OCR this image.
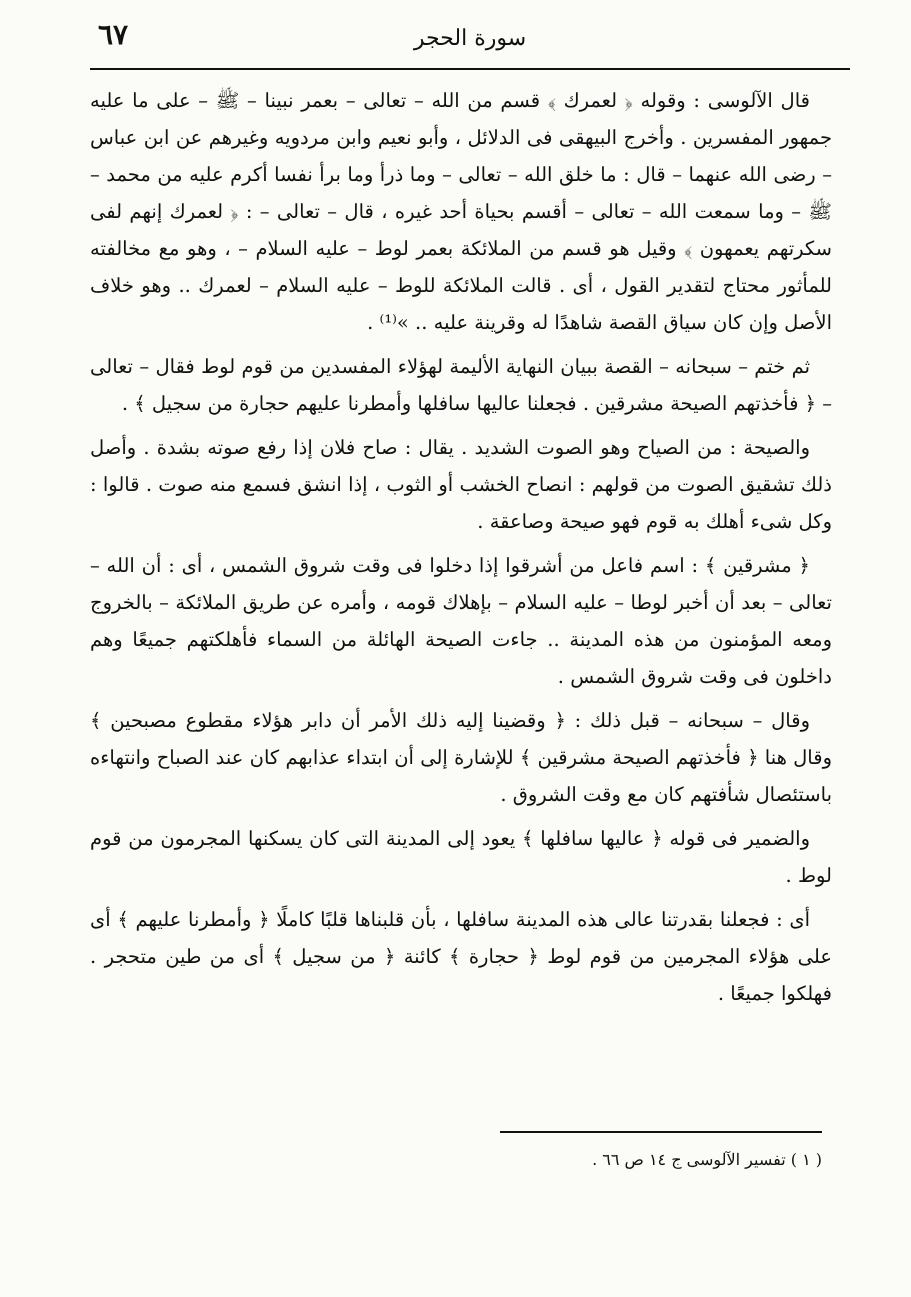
٦٧	سورة الحجر

قال الآلوسى : وقوله ﴿ لعمرك ﴾ قسم من الله – تعالى – بعمر نبينا – ﷺ – على ما عليه جمهور المفسرين . وأخرج البيهقى فى الدلائل ، وأبو نعيم وابن مردويه وغيرهم عن ابن عباس – رضى الله عنهما – قال : ما خلق الله – تعالى – وما ذرأ وما برأ نفسا أكرم عليه من محمد – ﷺ – وما سمعت الله – تعالى – أقسم بحياة أحد غيره ، قال – تعالى – : ﴿ لعمرك إنهم لفى سكرتهم يعمهون ﴾ وقيل هو قسم من الملائكة بعمر لوط – عليه السلام – ، وهو مع مخالفته للمأثور محتاج لتقدير القول ، أى . قالت الملائكة للوط – عليه السلام – لعمرك .. وهو خلاف الأصل وإن كان سياق القصة شاهدًا له وقرينة عليه .. »⁽¹⁾ .

ثم ختم – سبحانه – القصة ببيان النهاية الأليمة لهؤلاء المفسدين من قوم لوط فقال – تعالى – ﴿ فأخذتهم الصيحة مشرقين . فجعلنا عاليها سافلها وأمطرنا عليهم حجارة من سجيل ﴾ .

والصيحة : من الصياح وهو الصوت الشديد . يقال : صاح فلان إذا رفع صوته بشدة . وأصل ذلك تشقيق الصوت من قولهم : انصاح الخشب أو الثوب ، إذا انشق فسمع منه صوت . قالوا : وكل شىء أهلك به قوم فهو صيحة وصاعقة .

﴿ مشرقين ﴾ : اسم فاعل من أشرقوا إذا دخلوا فى وقت شروق الشمس ، أى : أن الله – تعالى – بعد أن أخبر لوطا – عليه السلام – بإهلاك قومه ، وأمره عن طريق الملائكة – بالخروج ومعه المؤمنون من هذه المدينة .. جاءت الصيحة الهائلة من السماء فأهلكتهم جميعًا وهم داخلون فى وقت شروق الشمس .

وقال – سبحانه – قبل ذلك : ﴿ وقضينا إليه ذلك الأمر أن دابر هؤلاء مقطوع مصبحين ﴾ وقال هنا ﴿ فأخذتهم الصيحة مشرقين ﴾ للإشارة إلى أن ابتداء عذابهم كان عند الصباح وانتهاءه باستئصال شأفتهم كان مع وقت الشروق .

والضمير فى قوله ﴿ عاليها سافلها ﴾ يعود إلى المدينة التى كان يسكنها المجرمون من قوم لوط .

أى : فجعلنا بقدرتنا عالى هذه المدينة سافلها ، بأن قلبناها قلبًا كاملًا ﴿ وأمطرنا عليهم ﴾ أى على هؤلاء المجرمين من قوم لوط ﴿ حجارة ﴾ كائنة ﴿ من سجيل ﴾ أى من طين متحجر . فهلكوا جميعًا .

( ١ ) تفسير الآلوسى ج ١٤ ص ٦٦ .
